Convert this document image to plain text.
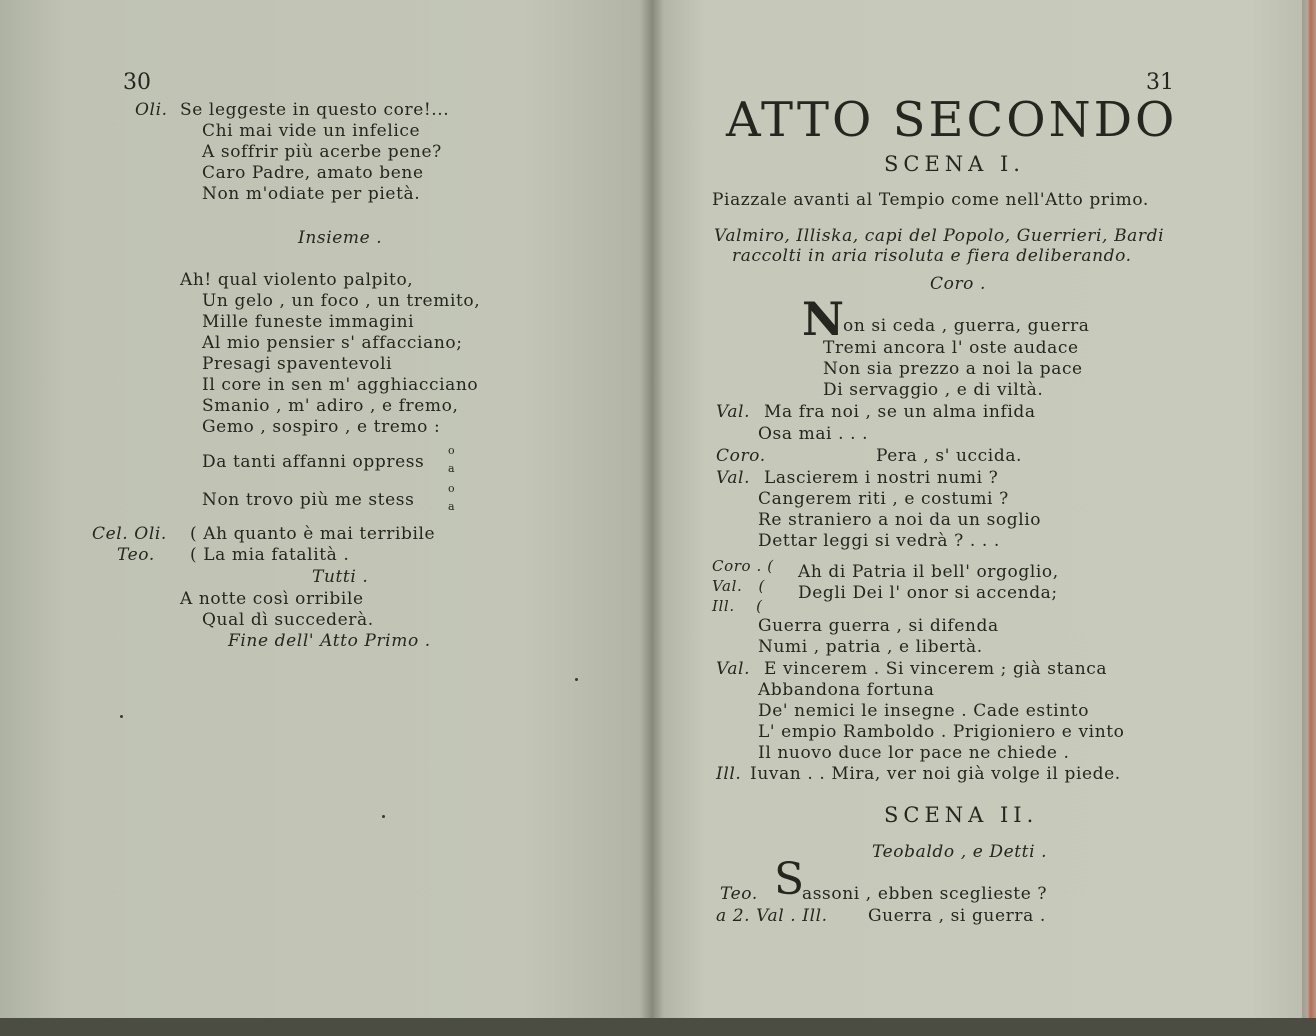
30
Oli. Se leggeste in questo core!...
Chi mai vide un infelice
A soffrir più acerbe pene?
Caro Padre, amato bene
Non m'odiate per pietà.
Insieme .
Ah! qual violento palpito,
Un gelo , un foco , un tremito,
Mille funeste immagini
Al mio pensier s' affacciano;
Presagi spaventevoli
Il core in sen m' agghiacciano
Smanio , m' adiro , e fremo,
Gemo , sospiro , e tremo :
Da tanti affanni oppress
o
a
Non trovo più me stess
o
a
Cel. Oli. ( Ah quanto è mai terribile
Teo. ( La mia fatalità .
Tutti .
A notte così orribile
Qual dì succederà.
Fine dell' Atto Primo .
31
ATTO SECONDO
SCENA I.
Piazzale avanti al Tempio come nell'Atto primo.
Valmiro, Illiska, capi del Popolo, Guerrieri, Bardi
raccolti in aria risoluta e fiera deliberando.
Coro .
N
on si ceda , guerra, guerra
Tremi ancora l' oste audace
Non sia prezzo a noi la pace
Di servaggio , e di viltà.
Val. Ma fra noi , se un alma infida
Osa mai . . .
Coro.	Pera , s' uccida.
Val. Lascierem i nostri numi ?
Cangerem riti , e costumi ?
Re straniero a noi da un soglio
Dettar leggi si vedrà ? . . .
Coro . (
Val.   (
Ill.    (
Ah di Patria il bell' orgoglio,
Degli Dei l' onor si accenda;
Guerra guerra , si difenda
Numi , patria , e libertà.
Val. E vincerem . Si vincerem ; già stanca
Abbandona fortuna
De' nemici le insegne . Cade estinto
L' empio Ramboldo . Prigioniero e vinto
Il nuovo duce lor pace ne chiede .
Ill. Iuvan . . Mira, ver noi già volge il piede.
SCENA II.
Teobaldo , e Detti .
Teo. S
assoni , ebben sceglieste ?
a 2. Val . Ill. Guerra , si guerra .
